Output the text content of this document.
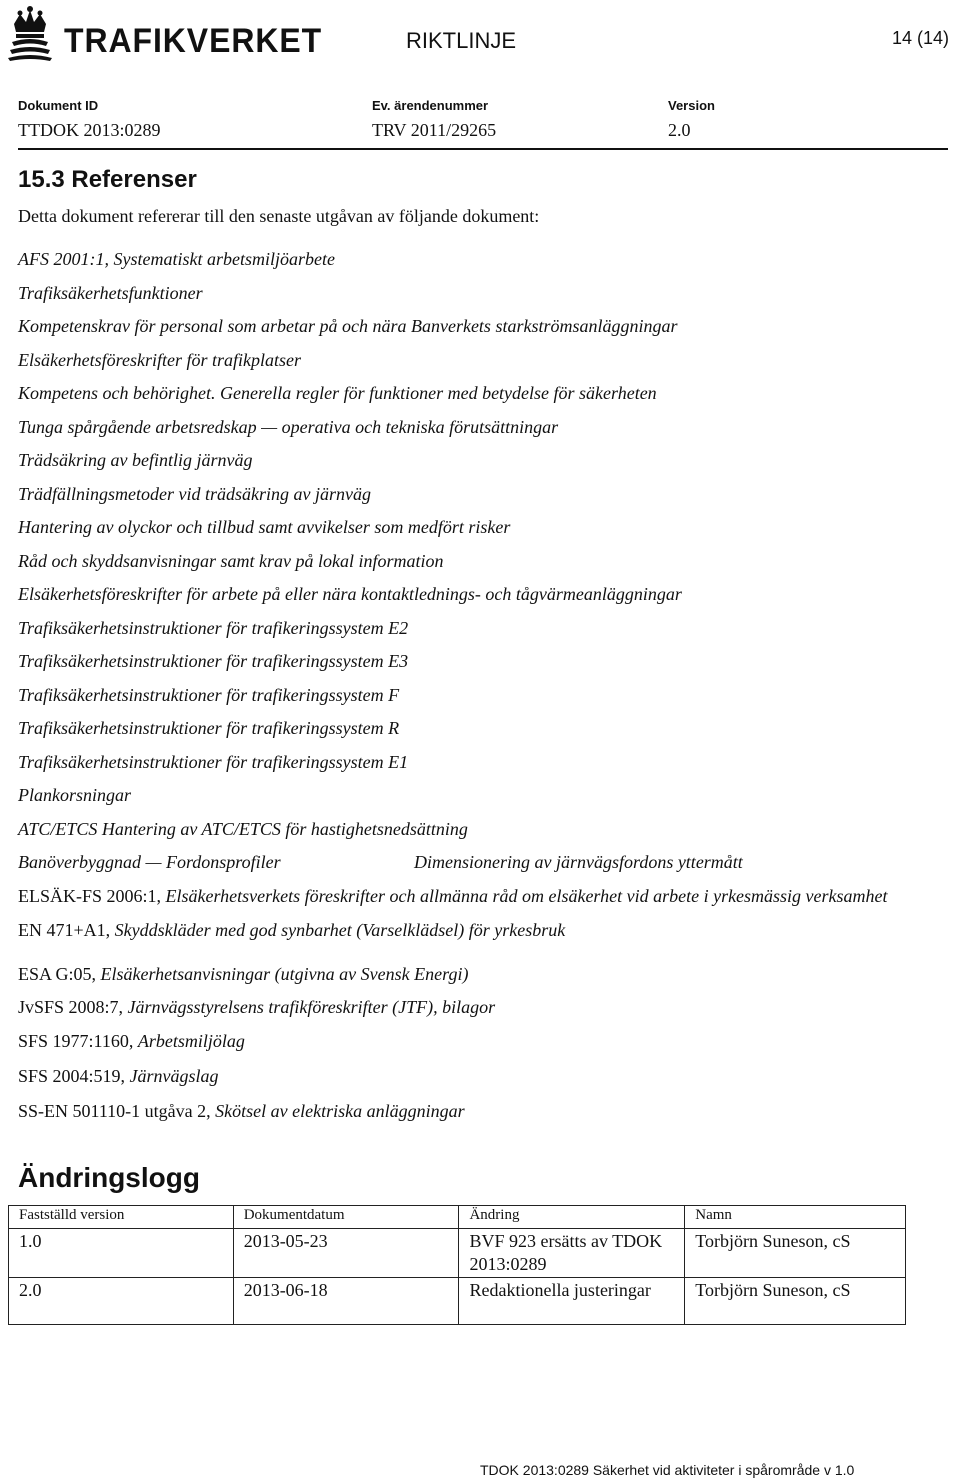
TRAFIKVERKET	RIKTLINJE	14 (14)
Dokument ID
TTDOK 2013:0289
Ev. ärendenummer
TRV 2011/29265
Version
2.0
15.3 Referenser
Detta dokument refererar till den senaste utgåvan av följande dokument:
AFS 2001:1, Systematiskt arbetsmiljöarbete
Trafiksäkerhetsfunktioner
Kompetenskrav för personal som arbetar på och nära Banverkets starkströmsanläggningar
Elsäkerhetsföreskrifter för trafikplatser
Kompetens och behörighet. Generella regler för funktioner med betydelse för säkerheten
Tunga spårgående arbetsredskap — operativa och tekniska förutsättningar
Trädsäkring av befintlig järnväg
Trädfällningsmetoder vid trädsäkring av järnväg
Hantering av olyckor och tillbud samt avvikelser som medfört risker
Råd och skyddsanvisningar samt krav på lokal information
Elsäkerhetsföreskrifter för arbete på eller nära kontaktlednings- och tågvärmeanläggningar
Trafiksäkerhetsinstruktioner för trafikeringssystem E2
Trafiksäkerhetsinstruktioner för trafikeringssystem E3
Trafiksäkerhetsinstruktioner för trafikeringssystem F
Trafiksäkerhetsinstruktioner för trafikeringssystem R
Trafiksäkerhetsinstruktioner för trafikeringssystem E1
Plankorsningar
ATC/ETCS Hantering av ATC/ETCS för hastighetsnedsättning
Banöverbyggnad — Fordonsprofiler	Dimensionering av järnvägsfordons yttermått
ELSÄK-FS 2006:1, Elsäkerhetsverkets föreskrifter och allmänna råd om elsäkerhet vid arbete i yrkesmässig verksamhet
EN 471+A1, Skyddskläder med god synbarhet (Varselklädsel) för yrkesbruk
ESA G:05, Elsäkerhetsanvisningar (utgivna av Svensk Energi)
JvSFS 2008:7, Järnvägsstyrelsens trafikföreskrifter (JTF), bilagor
SFS 1977:1160, Arbetsmiljölag
SFS 2004:519, Järnvägslag
SS-EN 501110-1 utgåva 2, Skötsel av elektriska anläggningar
Ändringslogg
Fastställd version	Dokumentdatum	Ändring	Namn
1.0	2013-05-23	BVF 923 ersätts av TDOK 2013:0289	Torbjörn Suneson, cS
2.0	2013-06-18	Redaktionella justeringar	Torbjörn Suneson, cS
TDOK 2013:0289 Säkerhet vid aktiviteter i spårområde v 1.0
